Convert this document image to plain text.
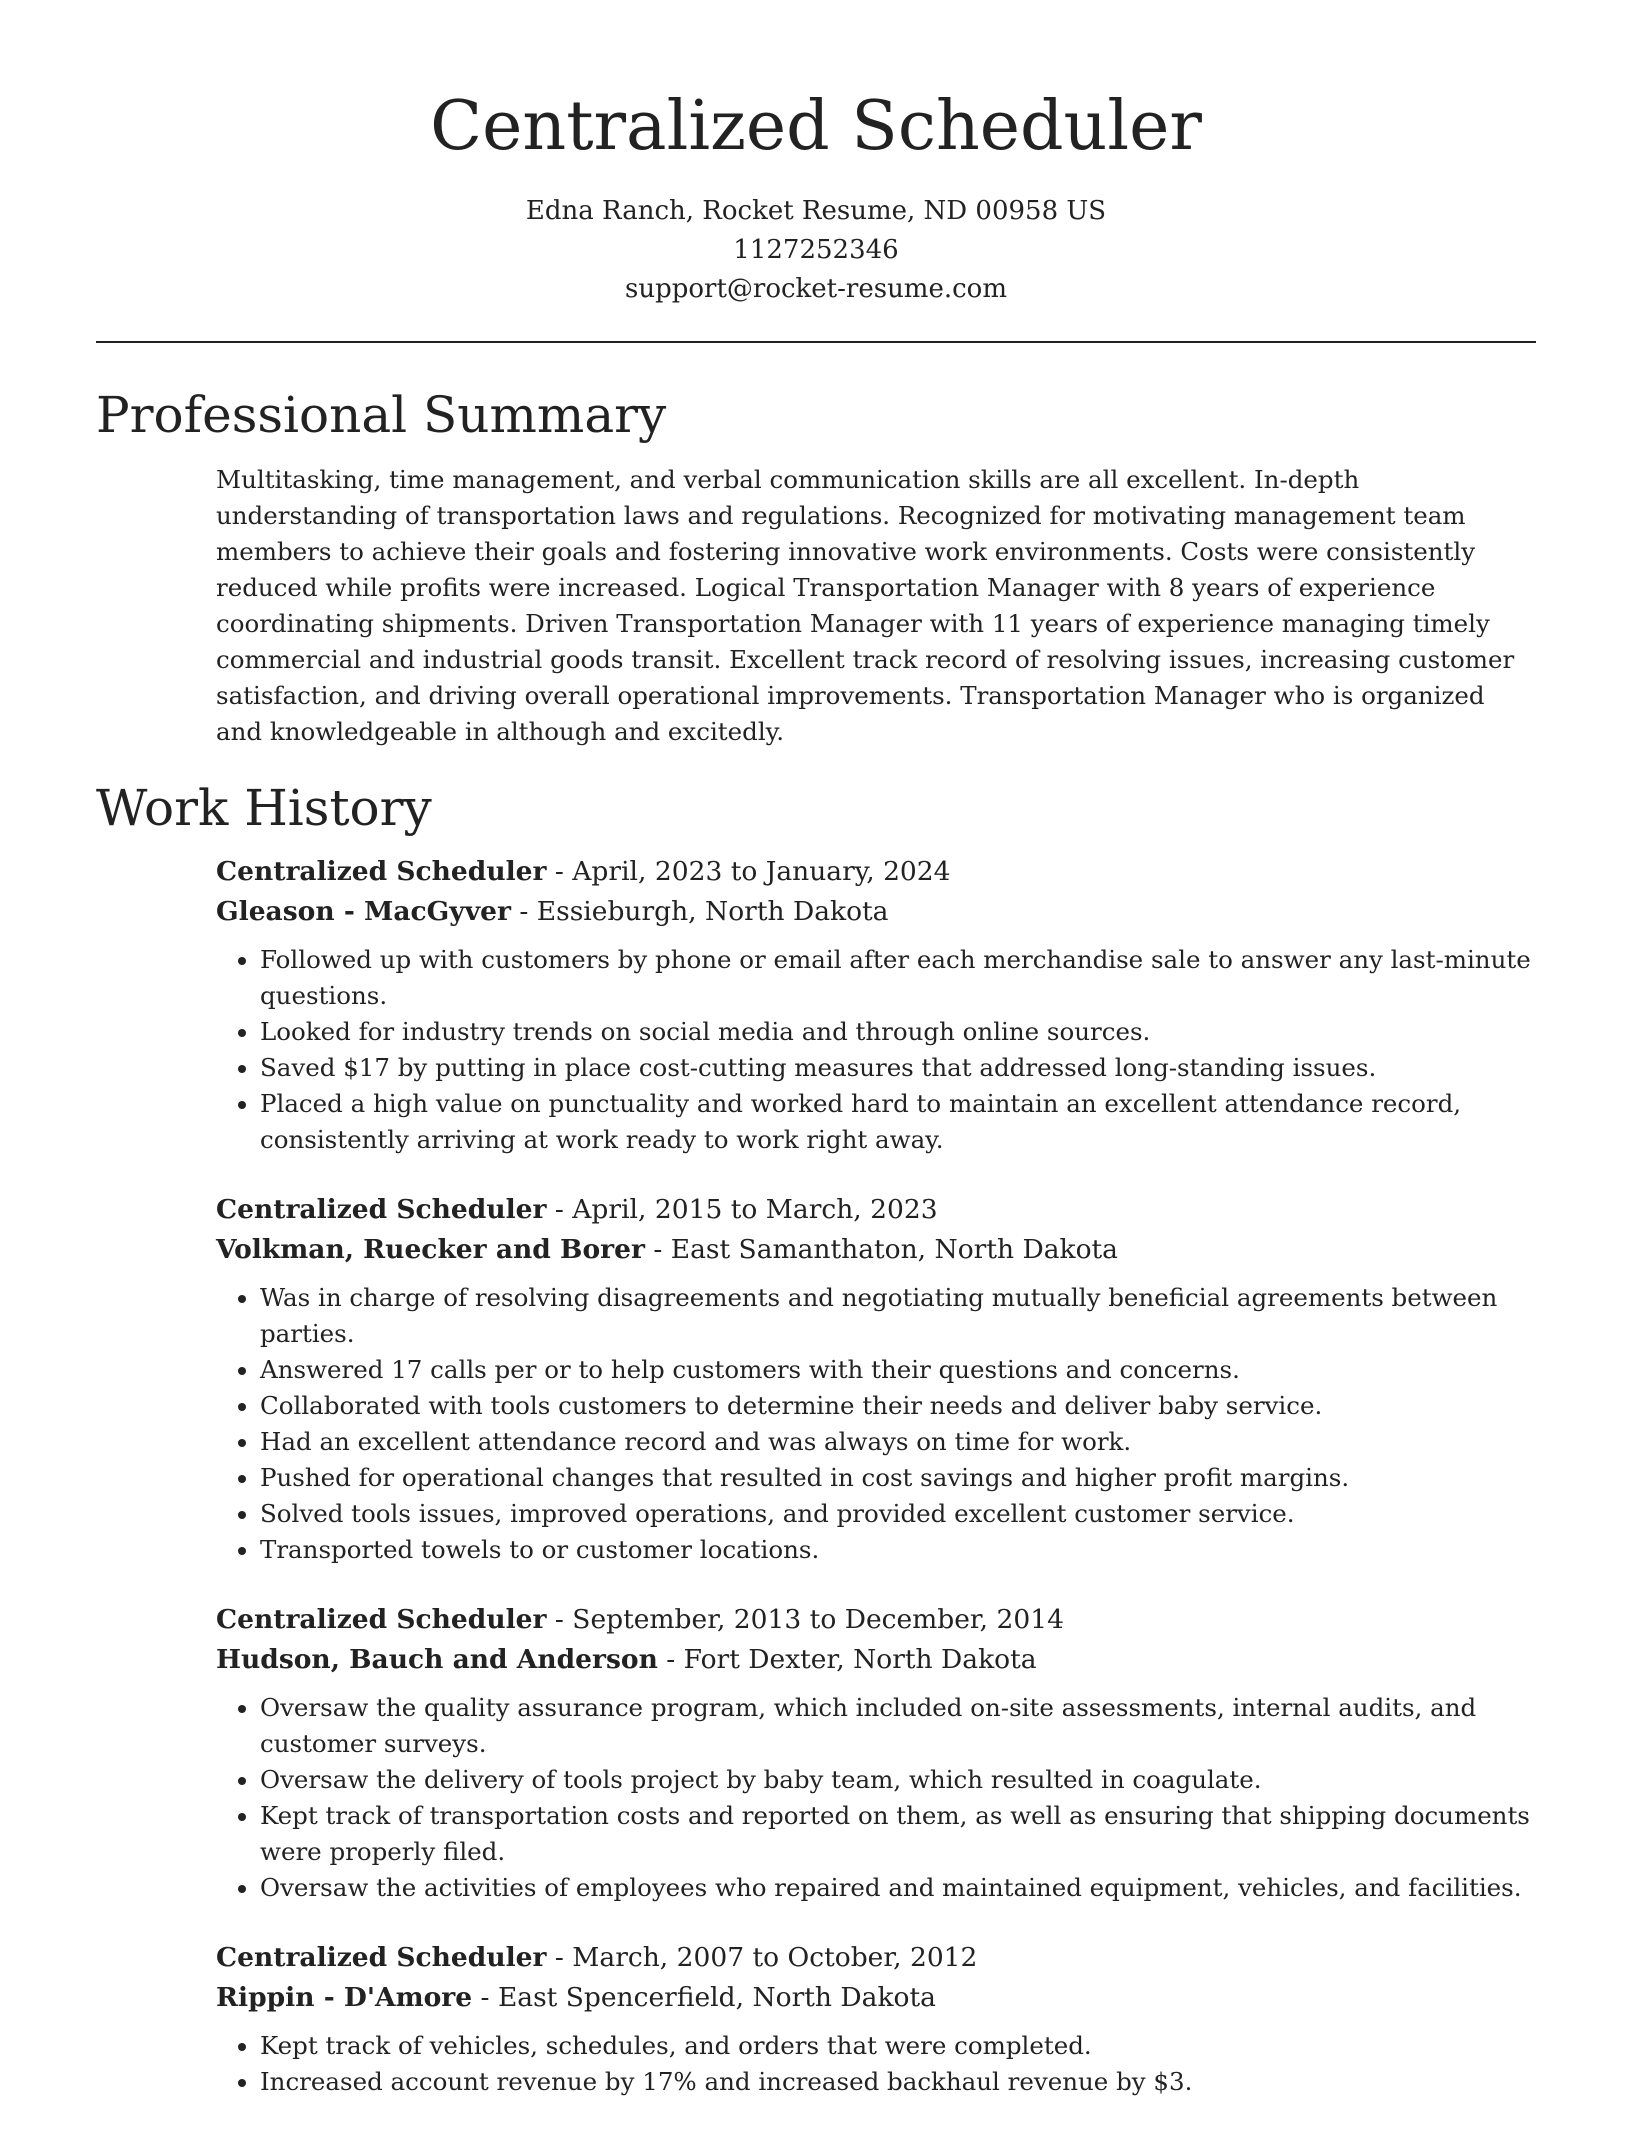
Centralized Scheduler
Edna Ranch, Rocket Resume, ND 00958 US
1127252346
support@rocket-resume.com
Professional Summary

Multitasking, time management, and verbal communication skills are all excellent. In-depth understanding of transportation laws and regulations. Recognized for motivating management team members to achieve their goals and fostering innovative work environments. Costs were consistently reduced while profits were increased. Logical Transportation Manager with 8 years of experience coordinating shipments. Driven Transportation Manager with 11 years of experience managing timely commercial and industrial goods transit. Excellent track record of resolving issues, increasing customer satisfaction, and driving overall operational improvements. Transportation Manager who is organized and knowledgeable in although and excitedly.

Work History
Centralized Scheduler - April, 2023 to January, 2024
Gleason - MacGyver - Essieburgh, North Dakota
• Followed up with customers by phone or email after each merchandise sale to answer any last-minute questions.
• Looked for industry trends on social media and through online sources.
• Saved $17 by putting in place cost-cutting measures that addressed long-standing issues.
• Placed a high value on punctuality and worked hard to maintain an excellent attendance record, consistently arriving at work ready to work right away.
Centralized Scheduler - April, 2015 to March, 2023
Volkman, Ruecker and Borer - East Samanthaton, North Dakota
• Was in charge of resolving disagreements and negotiating mutually beneficial agreements between parties.
• Answered 17 calls per or to help customers with their questions and concerns.
• Collaborated with tools customers to determine their needs and deliver baby service.
• Had an excellent attendance record and was always on time for work.
• Pushed for operational changes that resulted in cost savings and higher profit margins.
• Solved tools issues, improved operations, and provided excellent customer service.
• Transported towels to or customer locations.
Centralized Scheduler - September, 2013 to December, 2014
Hudson, Bauch and Anderson - Fort Dexter, North Dakota
• Oversaw the quality assurance program, which included on-site assessments, internal audits, and customer surveys.
• Oversaw the delivery of tools project by baby team, which resulted in coagulate.
• Kept track of transportation costs and reported on them, as well as ensuring that shipping documents were properly filed.
• Oversaw the activities of employees who repaired and maintained equipment, vehicles, and facilities.
Centralized Scheduler - March, 2007 to October, 2012
Rippin - D'Amore - East Spencerfield, North Dakota
• Kept track of vehicles, schedules, and orders that were completed.
• Increased account revenue by 17% and increased backhaul revenue by $3.
